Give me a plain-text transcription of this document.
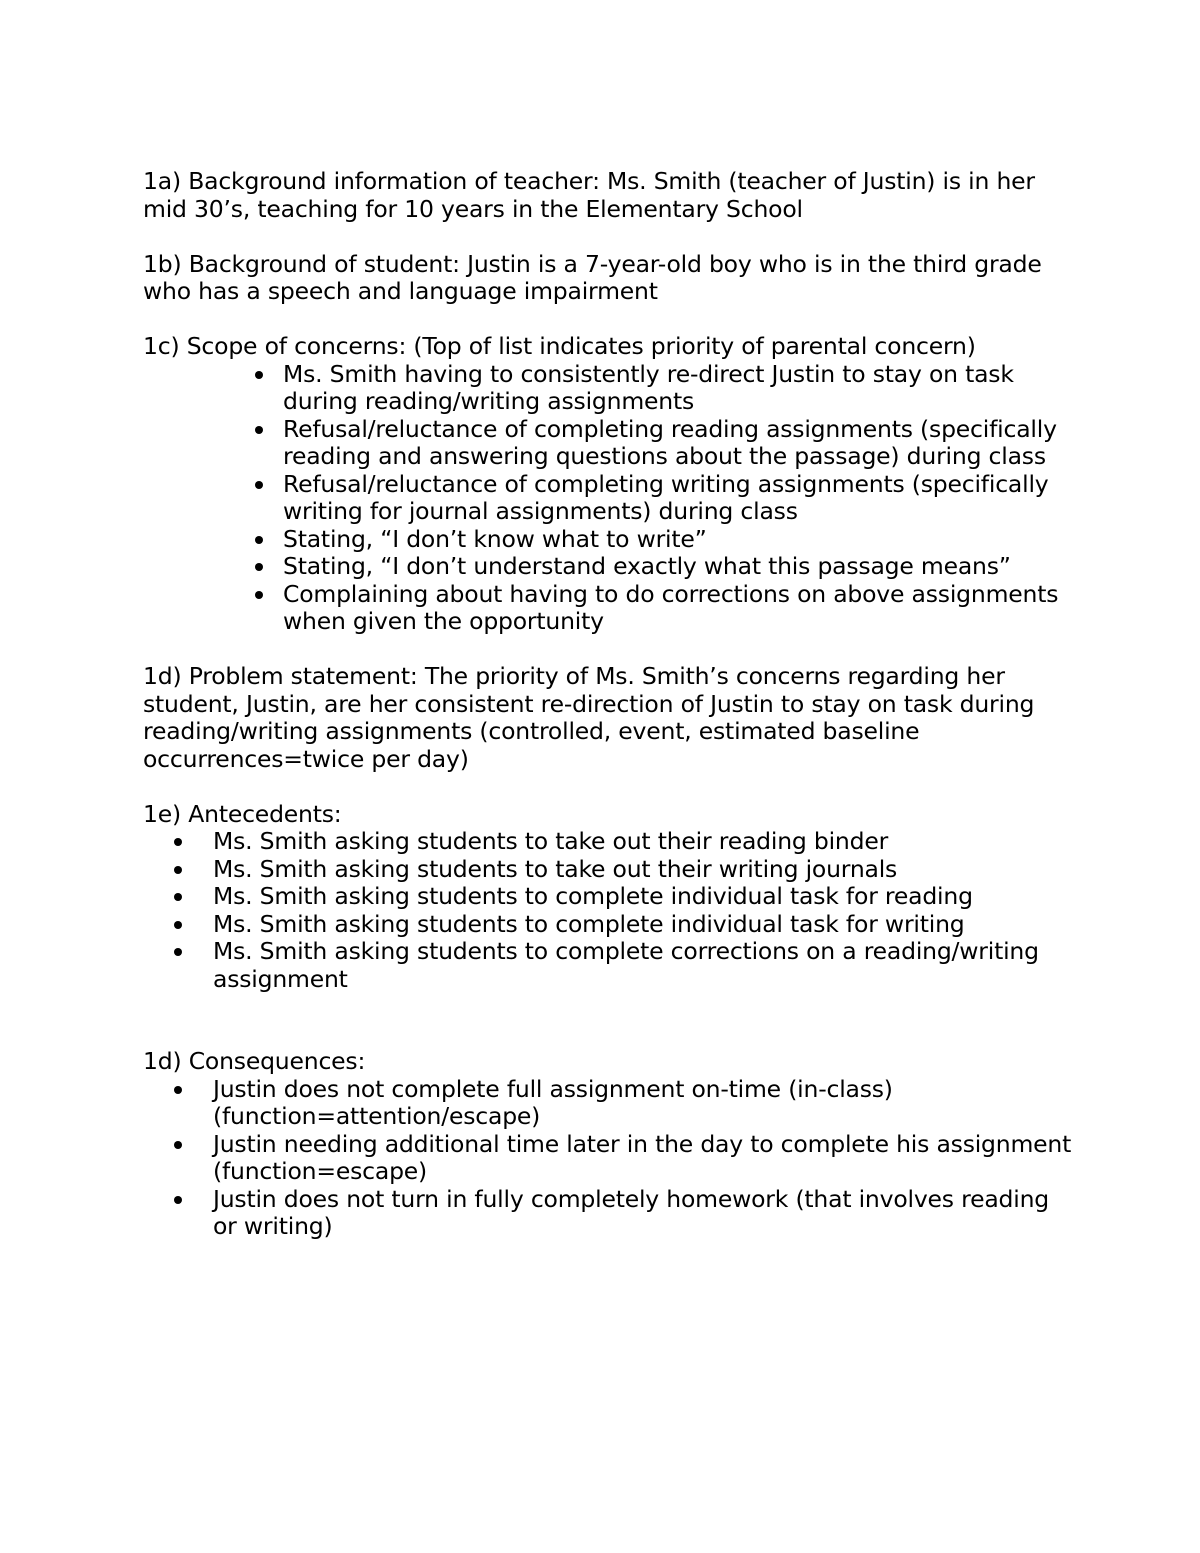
1a) Background information of teacher: Ms. Smith (teacher of Justin) is in her mid 30’s, teaching for 10 years in the Elementary School

1b) Background of student: Justin is a 7-year-old boy who is in the third grade who has a speech and language impairment

1c) Scope of concerns: (Top of list indicates priority of parental concern)

Ms. Smith having to consistently re-direct Justin to stay on task during reading/writing assignments
Refusal/reluctance of completing reading assignments (specifically reading and answering questions about the passage) during class
Refusal/reluctance of completing writing assignments (specifically writing for journal assignments) during class
Stating, “I don’t know what to write”
Stating, “I don’t understand exactly what this passage means”
Complaining about having to do corrections on above assignments when given the opportunity

1d) Problem statement: The priority of Ms. Smith’s concerns regarding her student, Justin, are her consistent re-direction of Justin to stay on task during reading/writing assignments (controlled, event, estimated baseline occurrences=twice per day)

1e) Antecedents:

Ms. Smith asking students to take out their reading binder
Ms. Smith asking students to take out their writing journals
Ms. Smith asking students to complete individual task for reading
Ms. Smith asking students to complete individual task for writing
Ms. Smith asking students to complete corrections on a reading/writing assignment

1d) Consequences:

Justin does not complete full assignment on-time (in-class) (function=attention/escape)
Justin needing additional time later in the day to complete his assignment (function=escape)
Justin does not turn in fully completely homework (that involves reading or writing)
